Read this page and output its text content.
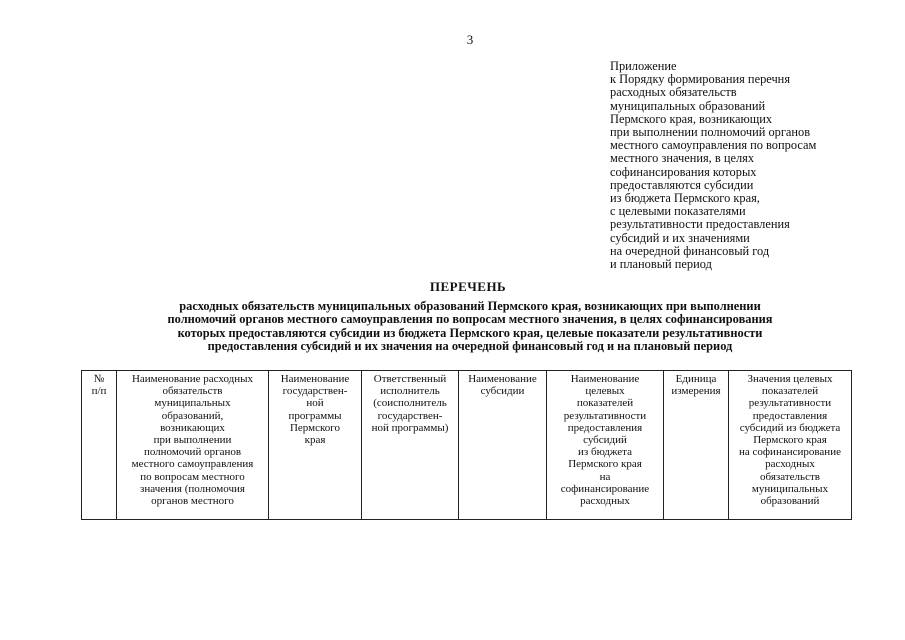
3
Приложение
к Порядку формирования перечня
расходных обязательств
муниципальных образований
Пермского края, возникающих
при выполнении полномочий органов
местного самоуправления по вопросам
местного значения, в целях
софинансирования которых
предоставляются субсидии
из бюджета Пермского края,
с целевыми показателями
результативности предоставления
субсидий и их значениями
на очередной финансовый год
и плановый период
ПЕРЕЧЕНЬ
расходных обязательств муниципальных образований Пермского края, возникающих при выполнении
полномочий органов местного самоуправления по вопросам местного значения, в целях софинансирования
которых предоставляются субсидии из бюджета Пермского края, целевые показатели результативности
предоставления субсидий и их значения на очередной финансовый год и на плановый период
№
п/п

Наименование расходных
обязательств
муниципальных
образований,
возникающих
при выполнении
полномочий органов
местного самоуправления
по вопросам местного
значения (полномочия
органов местного

Наименование
государствен-
ной
программы
Пермского
края

Ответственный
исполнитель
(соисполнитель
государствен-
ной программы)

Наименование
субсидии

Наименование
целевых
показателей
результативности
предоставления
субсидий
из бюджета
Пермского края
на
софинансирование
расходных

Единица
измерения

Значения целевых
показателей
результативности
предоставления
субсидий из бюджета
Пермского края
на софинансирование
расходных
обязательств
муниципальных
образований
